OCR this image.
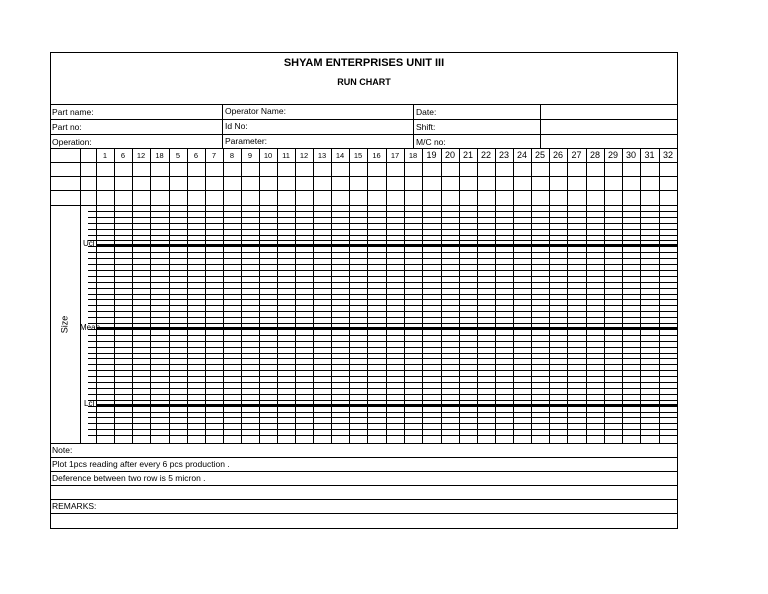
SHYAM ENTERPRISES UNIT III
RUN CHART
Part name:	Operator Name:	Date:
Part no:	Id No:	Shift:
Operation:	Parameter:	M/C no:
Size
Ucl
Mean
Lcl
Note:
Plot 1pcs reading after every 6 pcs production .
Deference between two row is 5 micron .
REMARKS:
1	6	12	18	5	6	7	8	9	10	11	12	13	14	15	16	17	18	19 20 21 22 23 24 25 26 27 28 29 30 31 32
